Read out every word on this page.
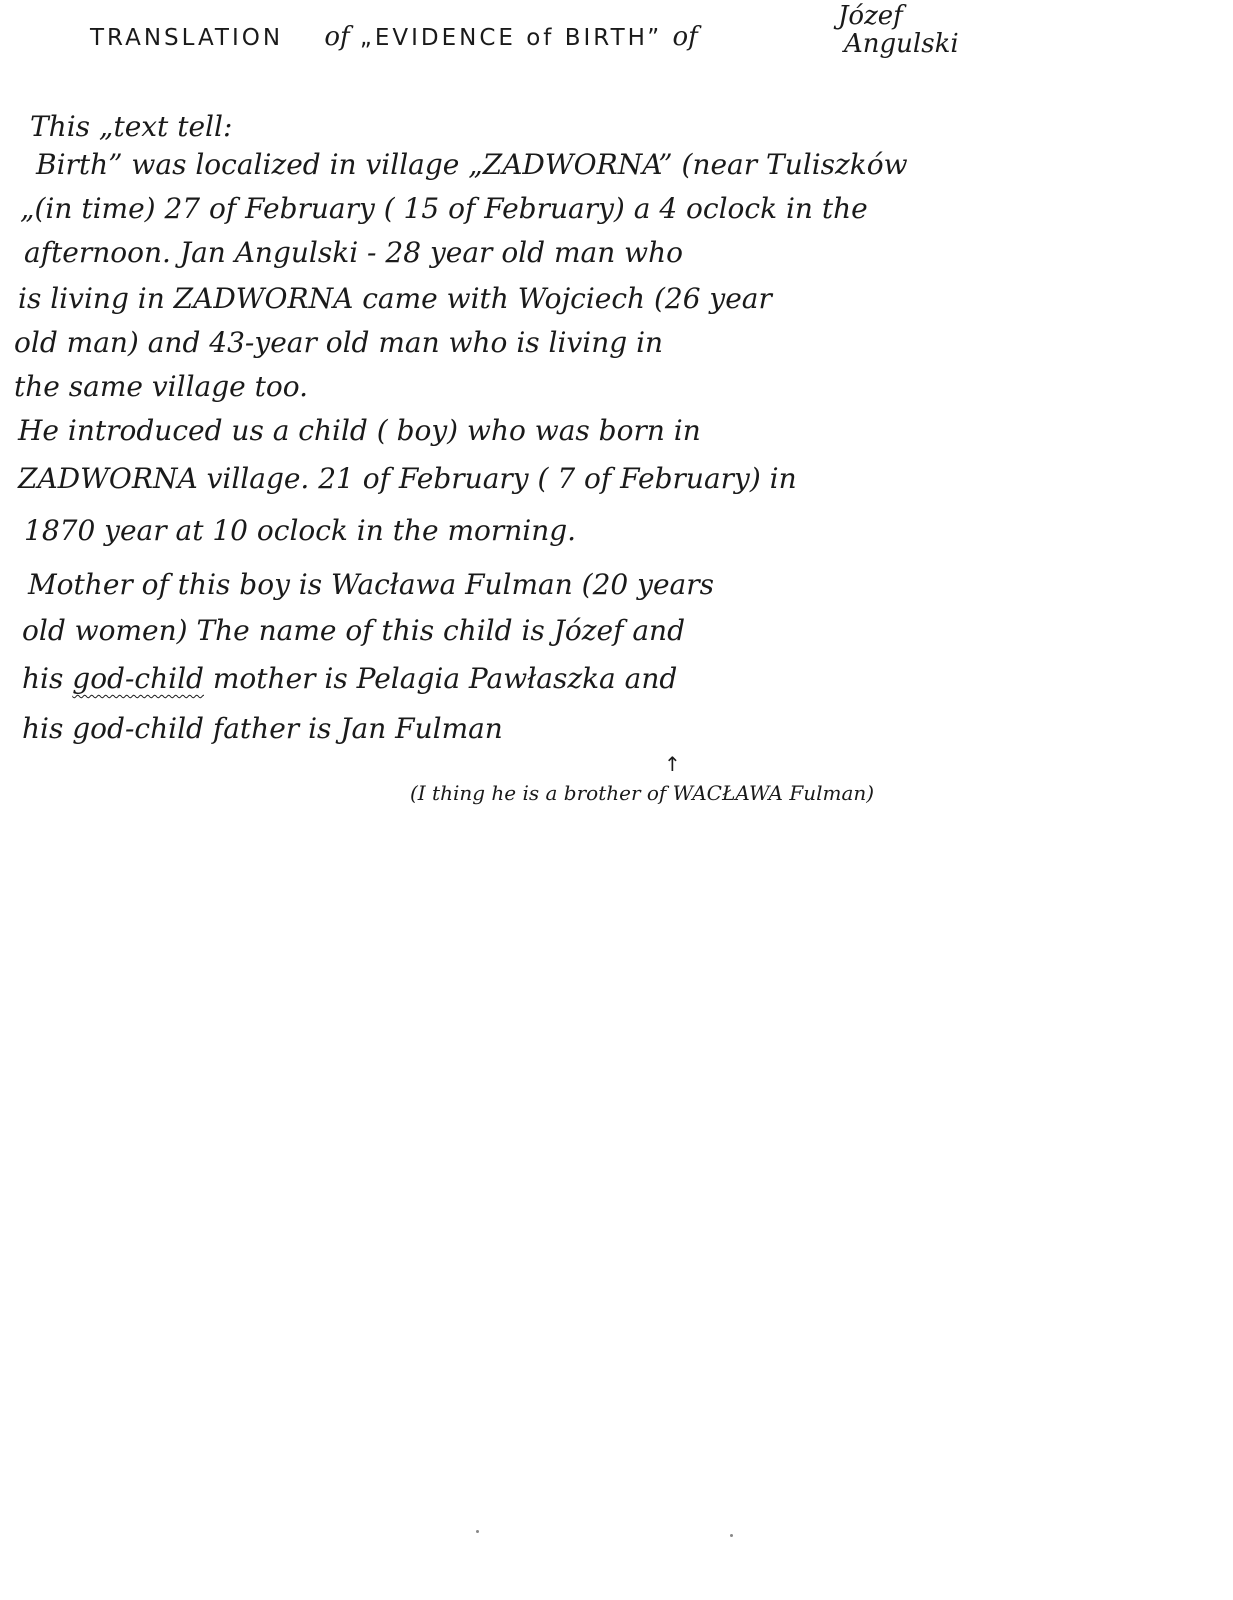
TRANSLATION of „EVIDENCE of BIRTH” of
Józef
Angulski
This „text tell:
Birth” was localized in village „ZADWORNA” (near Tuliszków
„(in time) 27 of February ( 15 of February) a 4 oclock in the
afternoon. Jan Angulski - 28 year old man who
is living in ZADWORNA came with Wojciech (26 year
old man) and 43-year old man who is living in
the same village too.
He introduced us a child ( boy) who was born in
ZADWORNA village. 21 of February ( 7 of February) in
1870 year at 10 oclock in the morning.
Mother of this boy is Wacława Fulman (20 years
old women) The name of this child is Józef and
his god-child mother is Pelagia Pawłaszka and
his god-child father is Jan Fulman
↑
(I thing he is a brother of WACŁAWA Fulman)
